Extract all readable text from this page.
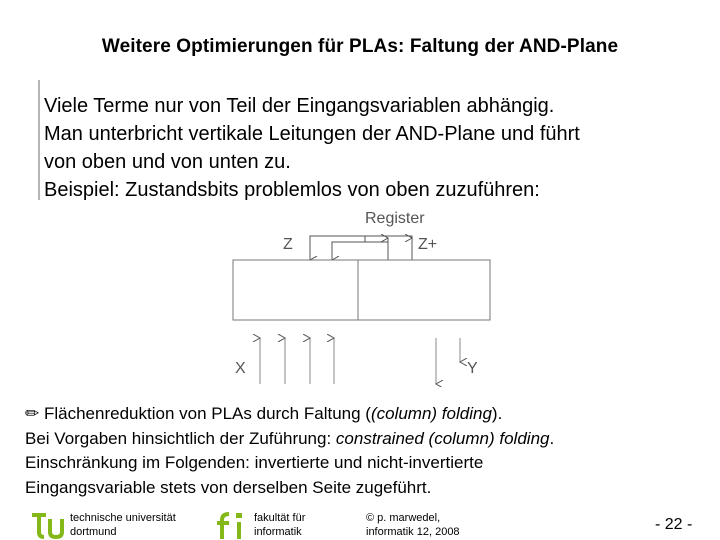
Weitere Optimierungen für PLAs: Faltung der AND-Plane
Viele Terme nur von Teil der Eingangsvariablen abhängig.
Man unterbricht vertikale Leitungen der AND-Plane und führt
von oben und von unten zu.
Beispiel: Zustandsbits problemlos von oben zuzuführen:
Register
Z	Z+
X	Y
✏︎ Flächenreduktion von PLAs durch Faltung ((column) folding).
Bei Vorgaben hinsichtlich der Zuführung: constrained (column) folding.
Einschränkung im Folgenden: invertierte und nicht-invertierte
Eingangsvariable stets von derselben Seite zugeführt.
technische universität
dortmund
fakultät für
informatik
© p. marwedel,
informatik 12, 2008	- 22 -
